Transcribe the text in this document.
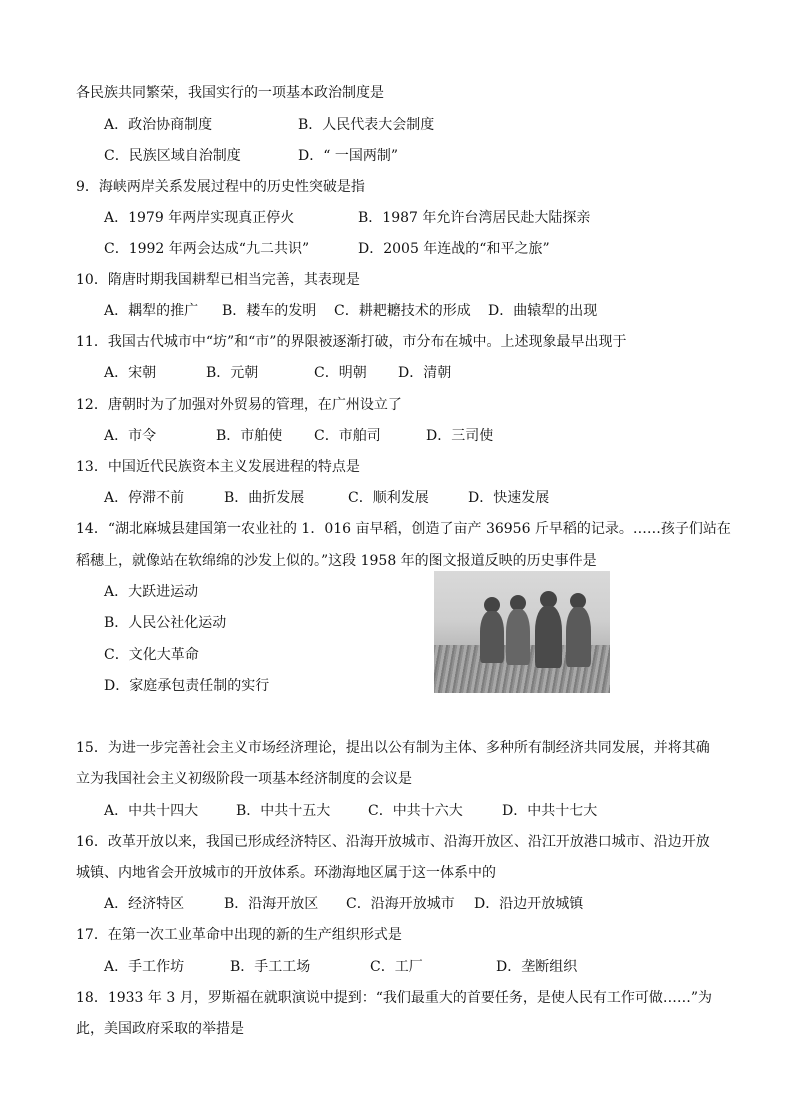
各民族共同繁荣，我国实行的一项基本政治制度是
A．政治协商制度	B．人民代表大会制度
C．民族区域自治制度	D．“ 一国两制”
9．海峡两岸关系发展过程中的历史性突破是指
A．1979 年两岸实现真正停火	B．1987 年允许台湾居民赴大陆探亲
C．1992 年两会达成“九二共识”	D．2005 年连战的“和平之旅”
10．隋唐时期我国耕犁已相当完善，其表现是
A．耦犁的推广 B．耧车的发明 C．耕耙耱技术的形成 D．曲辕犁的出现
11．我国古代城市中“坊”和“市”的界限被逐渐打破，市分布在城中。上述现象最早出现于
A．宋朝	B．元朝	C．明朝 D．清朝
12．唐朝时为了加强对外贸易的管理，在广州设立了
A．市令	B．市舶使 C．市舶司	D．三司使
13．中国近代民族资本主义发展进程的特点是
A．停滞不前	B．曲折发展	C．顺利发展	D．快速发展
14．“湖北麻城县建国第一农业社的 1．016 亩早稻，创造了亩产 36956 斤早稻的记录。……孩子们站在
稻穗上，就像站在软绵绵的沙发上似的。”这段 1958 年的图文报道反映的历史事件是
A．大跃进运动
B．人民公社化运动
C．文化大革命
D．家庭承包责任制的实行
15．为进一步完善社会主义市场经济理论，提出以公有制为主体、多种所有制经济共同发展，并将其确
立为我国社会主义初级阶段一项基本经济制度的会议是
A．中共十四大	B．中共十五大	C．中共十六大	D．中共十七大
16．改革开放以来，我国已形成经济特区、沿海开放城市、沿海开放区、沿江开放港口城市、沿边开放
城镇、内地省会开放城市的开放体系。环渤海地区属于这一体系中的
A．经济特区	B．沿海开放区 C．沿海开放城市 D．沿边开放城镇
17．在第一次工业革命中出现的新的生产组织形式是
A．手工作坊	B．手工工场	C．工厂	D．垄断组织
18．1933 年 3 月，罗斯福在就职演说中提到：“我们最重大的首要任务，是使人民有工作可做……”为
此，美国政府采取的举措是
